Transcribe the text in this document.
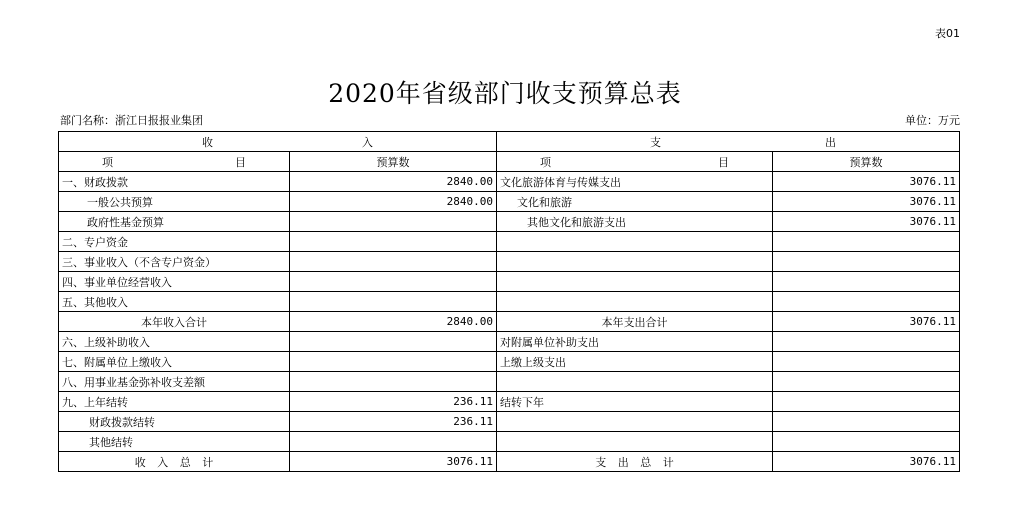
表01
2020年省级部门收支预算总表
部门名称：浙江日报报业集团	单位：万元
收 入		支 出	

项 目	预算数	项 目	预算数
一、财政拨款	2840.00	文化旅游体育与传媒支出	3076.11
一般公共预算	2840.00	文化和旅游	3076.11
政府性基金预算		其他文化和旅游支出	3076.11
二、专户资金			
三、事业收入（不含专户资金）			
四、事业单位经营收入			
五、其他收入			
本年收入合计	2840.00	本年支出合计	3076.11
六、上级补助收入		对附属单位补助支出	
七、附属单位上缴收入		上缴上级支出	
八、用事业基金弥补收支差额			
九、上年结转	236.11	结转下年	
财政拨款结转	236.11		
其他结转			
收 入 总 计	3076.11	支 出 总 计	3076.11
